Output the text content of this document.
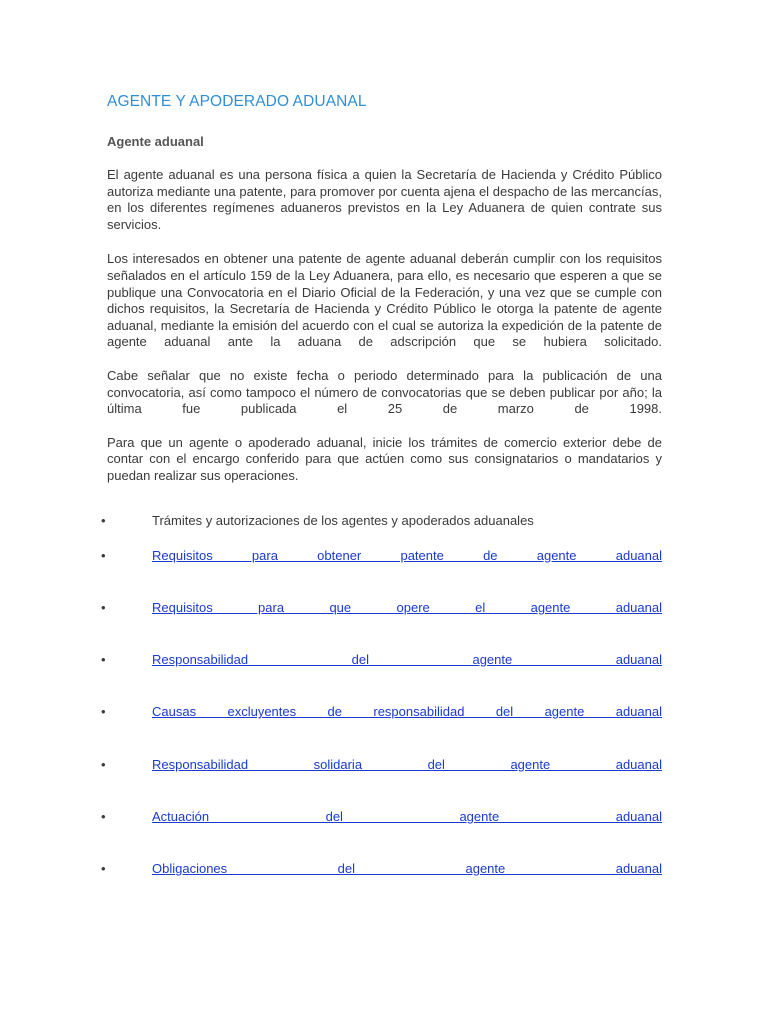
AGENTE Y APODERADO ADUANAL
Agente aduanal

El agente aduanal es una persona física a quien la Secretaría de Hacienda y Crédito Público autoriza mediante una patente, para promover por cuenta ajena el despacho de las mercancías, en los diferentes regímenes aduaneros previstos en la Ley Aduanera de quien contrate sus servicios.

Los interesados en obtener una patente de agente aduanal deberán cumplir con los requisitos señalados en el artículo 159 de la Ley Aduanera, para ello, es necesario que esperen a que se publique una Convocatoria en el Diario Oficial de la Federación, y una vez que se cumple con dichos requisitos, la Secretaría de Hacienda y Crédito Público le otorga la patente de agente aduanal, mediante la emisión del acuerdo con el cual se autoriza la expedición de la patente de agente aduanal ante la aduana de adscripción que se hubiera solicitado.

Cabe señalar que no existe fecha o periodo determinado para la publicación de una convocatoria, así como tampoco el número de convocatorias que se deben publicar por año; la última fue publicada el 25 de marzo de 1998.

Para que un agente o apoderado aduanal, inicie los trámites de comercio exterior debe de contar con el encargo conferido para que actúen como sus consignatarios o mandatarios y puedan realizar sus operaciones.

•	Trámites y autorizaciones de los agentes y apoderados aduanales
•	Requisitos para obtener patente de agente aduanal
•	Requisitos para que opere el agente aduanal
•	Responsabilidad del agente aduanal
•	Causas excluyentes de responsabilidad del agente aduanal
•	Responsabilidad solidaria del agente aduanal
•	Actuación del agente aduanal
•	Obligaciones del agente aduanal
